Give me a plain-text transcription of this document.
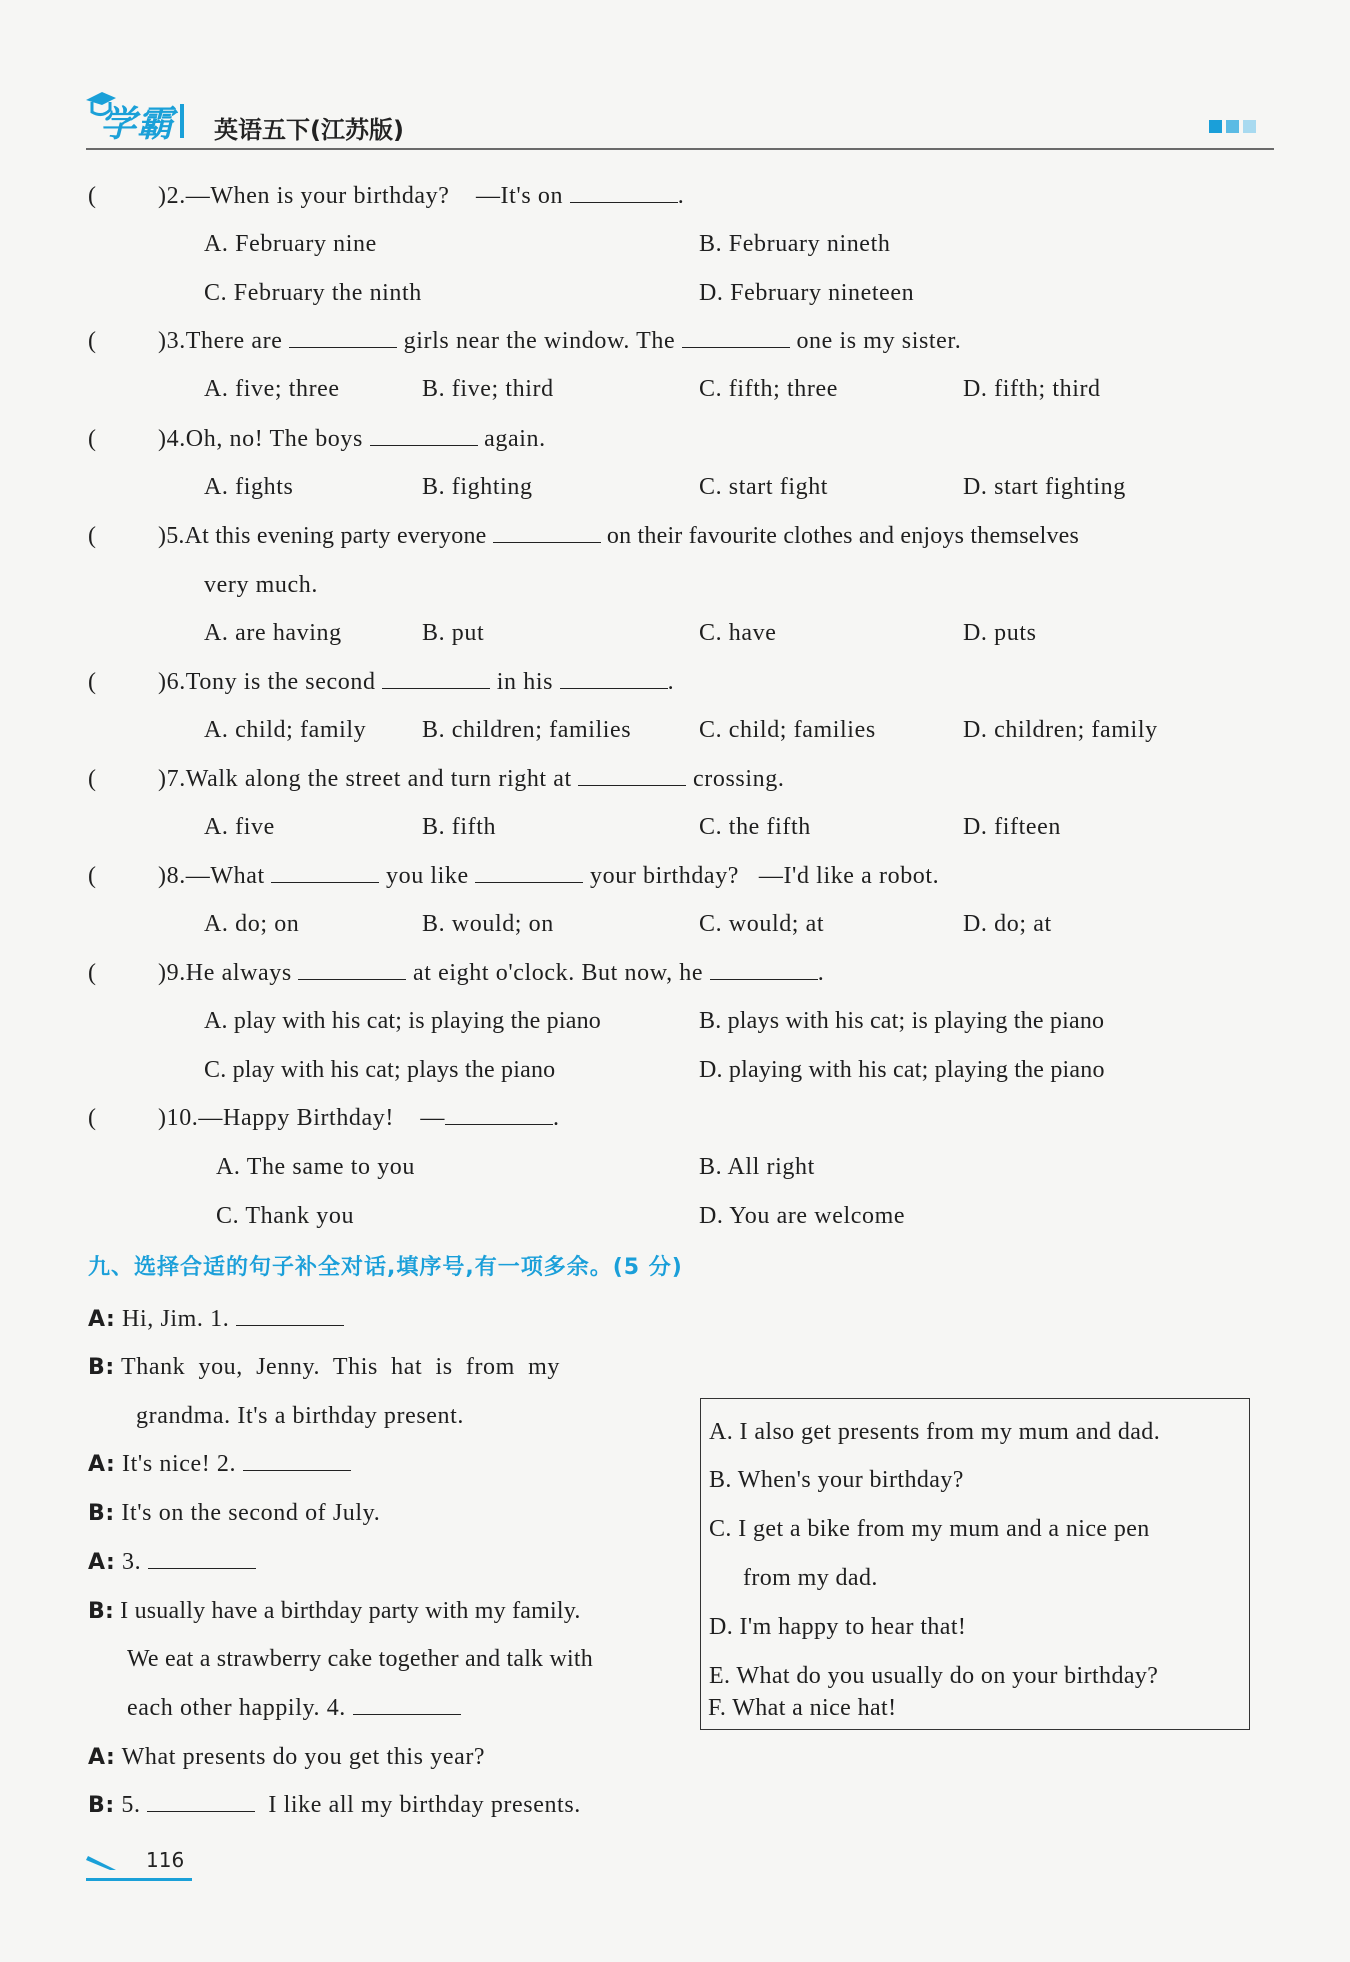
学霸 英语五下(江苏版)
(	)2.—When is your birthday? —It's on	.
A. February nine	B. February nineth
C. February the ninth	D. February nineteen
(	)3.There are	girls near the window. The	one is my sister.
A. five; three	B. five; third	C. fifth; three	D. fifth; third
(	)4.Oh, no! The boys	again.
A. fights	B. fighting	C. start fight	D. start fighting
(	)5.At this evening party everyone	on their favourite clothes and enjoys themselves
very much.
A. are having	B. put	C. have	D. puts
(	)6.Tony is the second	in his	.
A. child; family B. children; families	C. child; families	D. children; family
(	)7.Walk along the street and turn right at	crossing.
A. five	B. fifth	C. the fifth	D. fifteen
(	)8.—What	you like	your birthday? —I'd like a robot.
A. do; on	B. would; on	C. would; at	D. do; at
(	)9.He always	at eight o'clock. But now, he	.
A. play with his cat; is playing the piano	B. plays with his cat; is playing the piano
C. play with his cat; plays the piano	D. playing with his cat; playing the piano
(	)10.—Happy Birthday! —	.
A. The same to you	B. All right
C. Thank you	D. You are welcome
九、选择合适的句子补全对话,填序号,有一项多余。(5 分)
A: Hi, Jim. 1.
B: Thank  you,  Jenny.  This  hat  is  from  my
grandma. It's a birthday present.
A: It's nice! 2.
B: It's on the second of July.
A: 3.
B: I usually have a birthday party with my family.
We eat a strawberry cake together and talk with
each other happily. 4.
A: What presents do you get this year?
B: 5.	I like all my birthday presents.
A. I also get presents from my mum and dad.
B. When's your birthday?
C. I get a bike from my mum and a nice pen
from my dad.
D. I'm happy to hear that!
E. What do you usually do on your birthday?
F. What a nice hat!
116
